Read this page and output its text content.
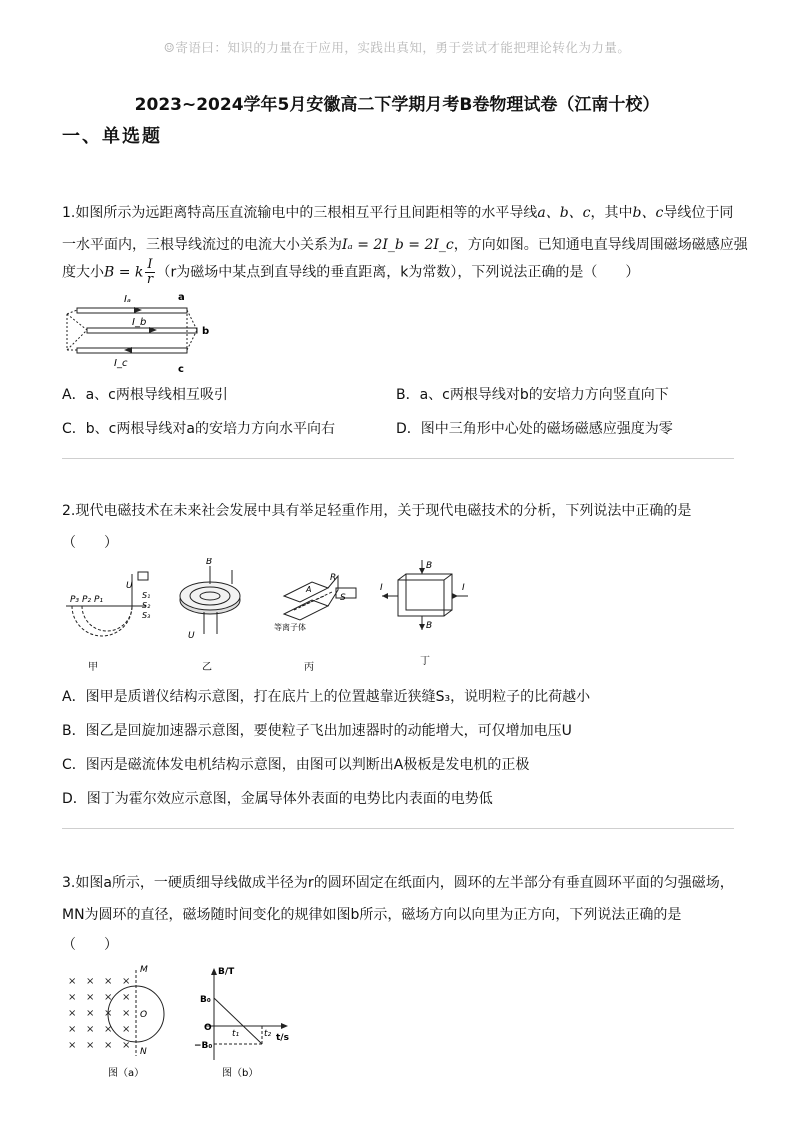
☺寄语曰：知识的力量在于应用，实践出真知，勇于尝试才能把理论转化为力量。
2023~2024学年5月安徽高二下学期月考B卷物理试卷（江南十校）
一、单选题
1.如图所示为远距离特高压直流输电中的三根相互平行且间距相等的水平导线a、b、c，其中b、c导线位于同
一水平面内，三根导线流过的电流大小关系为Iₐ = 2I_b = 2I_c，方向如图。已知通电直导线周围磁场磁感应强
度大小B = k $\frac{I}{r} (r$为磁场中某点到直导线的垂直距离，k为常数），下列说法正确的是（　　）
Iₐ
I_b
I_c
a
b
c
A．a、c两根导线相互吸引	B．a、c两根导线对b的安培力方向竖直向下
C．b、c两根导线对a的安培力方向水平向右	D．图中三角形中心处的磁场磁感应强度为零
2.现代电磁技术在未来社会发展中具有举足轻重作用，关于现代电磁技术的分析，下列说法中正确的是
（　　）
P₃ P₂ P₁
U
S₁
S₂
S₃
B
U
A
R
S
等离子体
B
B
I	I
甲	乙	丙
丁
A．图甲是质谱仪结构示意图，打在底片上的位置越靠近狭缝S₃，说明粒子的比荷越小
B．图乙是回旋加速器示意图，要使粒子飞出加速器时的动能增大，可仅增加电压U
C．图丙是磁流体发电机结构示意图，由图可以判断出A极板是发电机的正极
D．图丁为霍尔效应示意图，金属导体外表面的电势比内表面的电势低
3.如图a所示，一硬质细导线做成半径为r的圆环固定在纸面内，圆环的左半部分有垂直圆环平面的匀强磁场，
MN为圆环的直径，磁场随时间变化的规律如图b所示，磁场方向以向里为正方向，下列说法正确的是
（　　）
× × × ×
× × × ×
× × × ×
× × × ×
× × × ×
M
N
O
图（a）
B/T
t/s
B₀
−B₀
O
t₁	t₂
图（b）
